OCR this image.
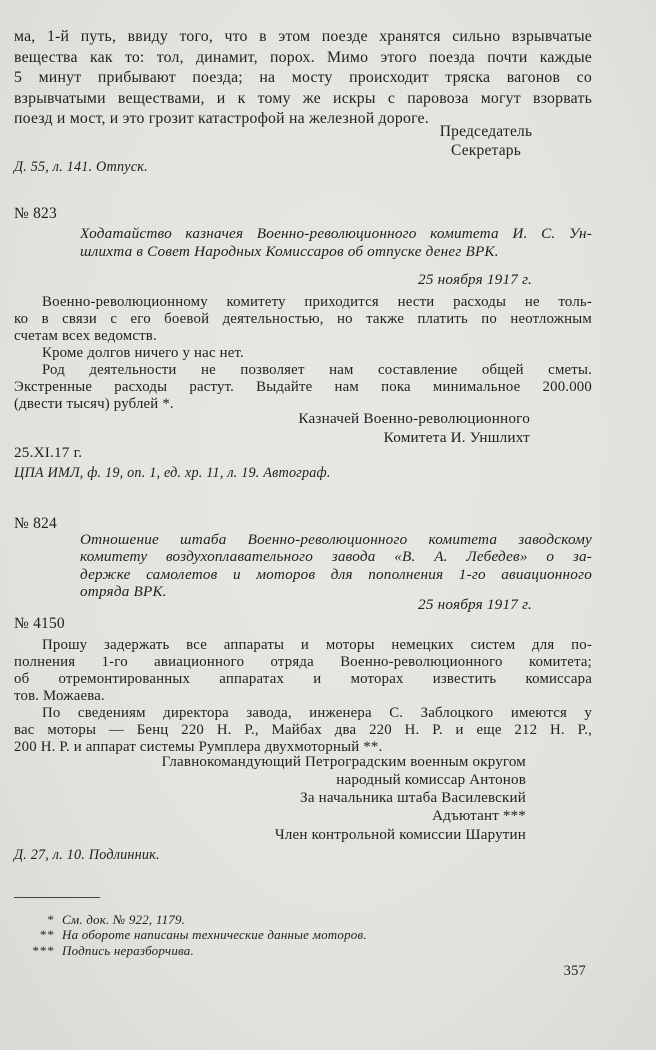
ма, 1-й путь, ввиду того, что в этом поезде хранятся сильно взрывчатые
вещества как то: тол, динамит, порох. Мимо этого поезда почти каждые
5 минут прибывают поезда; на мосту происходит тряска вагонов со
взрывчатыми веществами, и к тому же искры с паровоза могут взорвать
поезд и мост, и это грозит катастрофой на железной дороге.
Председатель
Секретарь
Д. 55, л. 141. Отпуск.
№ 823
Ходатайство казначея Военно-революционного комитета И. С. Ун-
шлихта в Совет Народных Комиссаров об отпуске денег ВРК.
25 ноября 1917 г.
Военно-революционному комитету приходится нести расходы не толь-
ко в связи с его боевой деятельностью, но также платить по неотложным
счетам всех ведомств.
Кроме долгов ничего у нас нет.
Род деятельности не позволяет нам составление общей сметы.
Экстренные расходы растут. Выдайте нам пока минимальное 200.000
(двести тысяч) рублей *.
Казначей Военно-революционного
Комитета И. Уншлихт
25.XI.17 г.
ЦПА ИМЛ, ф. 19, оп. 1, ед. хр. 11, л. 19. Автограф.
№ 824
Отношение штаба Военно-революционного комитета заводскому
комитету воздухоплавательного завода «В. А. Лебедев» о за-
держке самолетов и моторов для пополнения 1-го авиационного
отряда ВРК.
25 ноября 1917 г.
№ 4150
Прошу задержать все аппараты и моторы немецких систем для по-
полнения 1-го авиационного отряда Военно-революционного комитета;
об отремонтированных аппаратах и моторах известить комиссара
тов. Можаева.
По сведениям директора завода, инженера С. Заблоцкого имеются у
вас моторы — Бенц 220 Н. Р., Майбах два 220 Н. Р. и еще 212 Н. Р.,
200 Н. Р. и аппарат системы Румплера двухмоторный **.
Главнокомандующий Петроградским военным округом
народный комиссар Антонов
За начальника штаба Василевский
Адъютант ***
Член контрольной комиссии Шарутин
Д. 27, л. 10. Подлинник.
* См. док. № 922, 1179.
** На обороте написаны технические данные моторов.
*** Подпись неразборчива.
357
